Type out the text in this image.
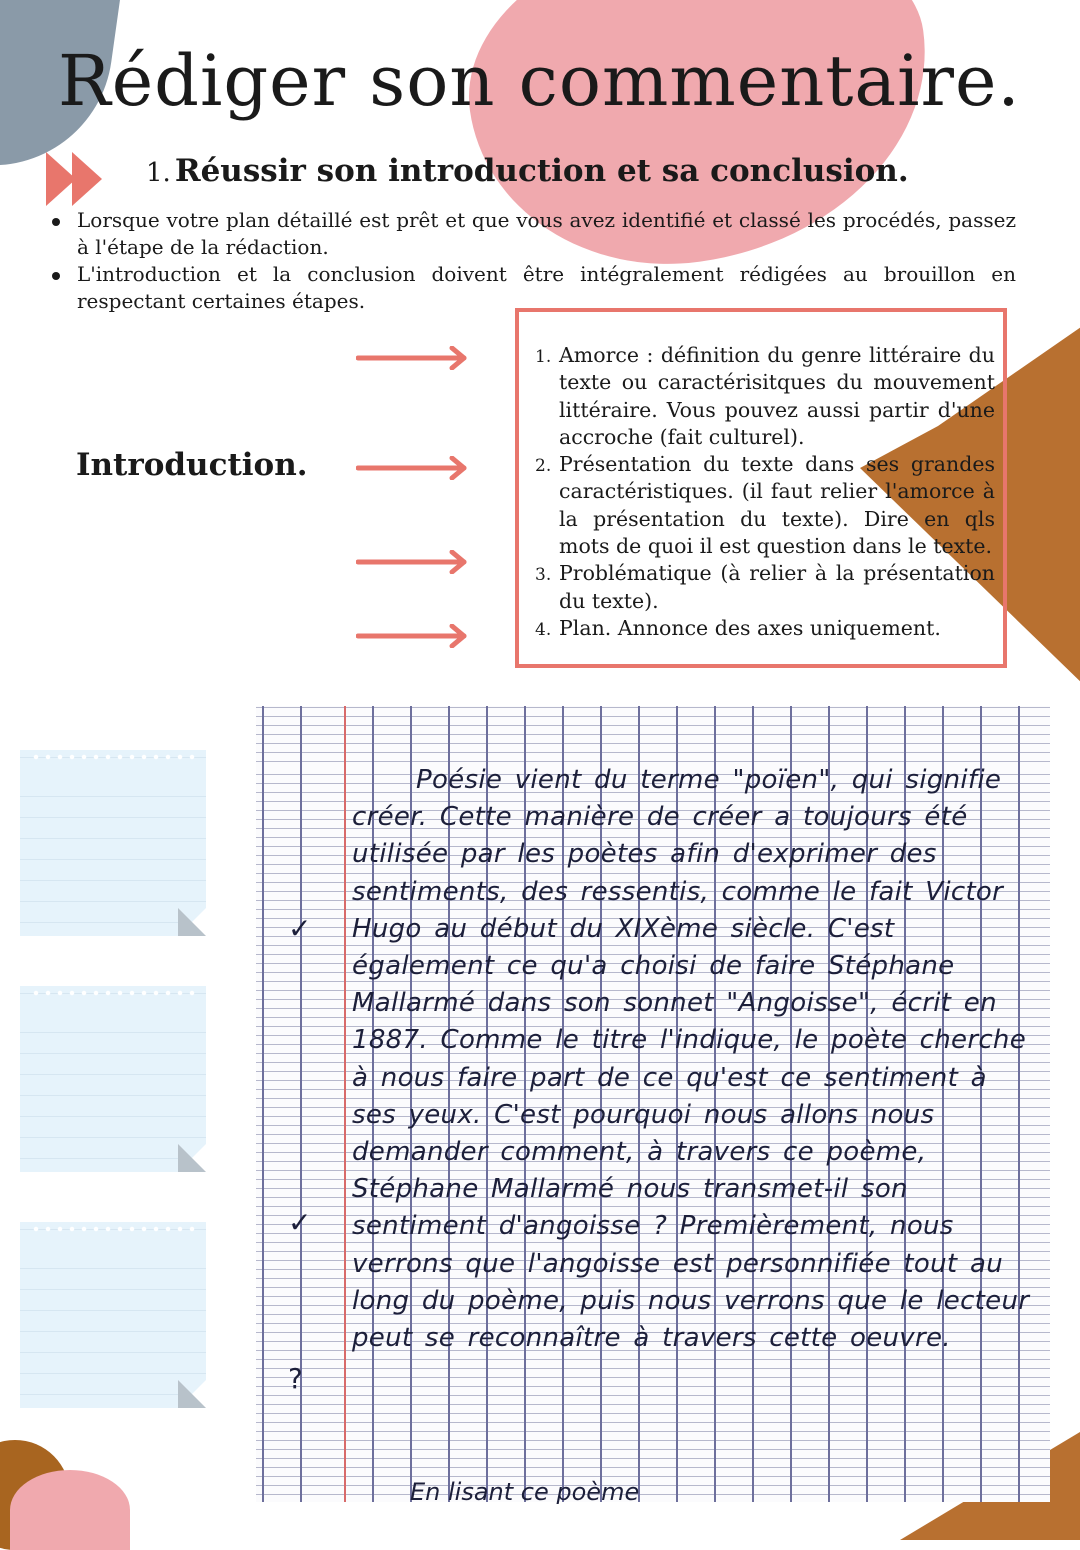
Rédiger son commentaire.
1. Réussir son introduction et sa conclusion.
Lorsque votre plan détaillé est prêt et que vous avez identifié et classé les procédés, passez à l'étape de la rédaction.
L'introduction et la conclusion doivent être intégralement rédigées au brouillon en respectant certaines étapes.
Introduction.
1. Amorce : définition du genre littéraire du texte ou caractérisitques du mouvement littéraire. Vous pouvez aussi partir d'une accroche (fait culturel).
2. Présentation du texte dans ses grandes caractéristiques. (il faut relier l'amorce à la présentation du texte). Dire en qls mots de quoi il est question dans le texte.
3. Problématique (à relier à la présentation du texte).
4. Plan. Annonce des axes uniquement.

Poésie vient du terme "poïen", qui signifie créer. Cette manière de créer a toujours été utilisée par les poètes afin d'exprimer des sentiments, des ressentis, comme le fait Victor Hugo au début du XIXème siècle. C'est également ce qu'a choisi de faire Stéphane Mallarmé dans son sonnet "Angoisse", écrit en 1887. Comme le titre l'indique, le poète cherche à nous faire part de ce qu'est ce sentiment à ses yeux. C'est pourquoi nous allons nous demander comment, à travers ce poème, Stéphane Mallarmé nous transmet-il son sentiment d'angoisse ? Premièrement, nous verrons que l'angoisse est personnifiée tout au long du poème, puis nous verrons que le lecteur peut se reconnaître à travers cette oeuvre.

✓
✓
?

En lisant ce poème
